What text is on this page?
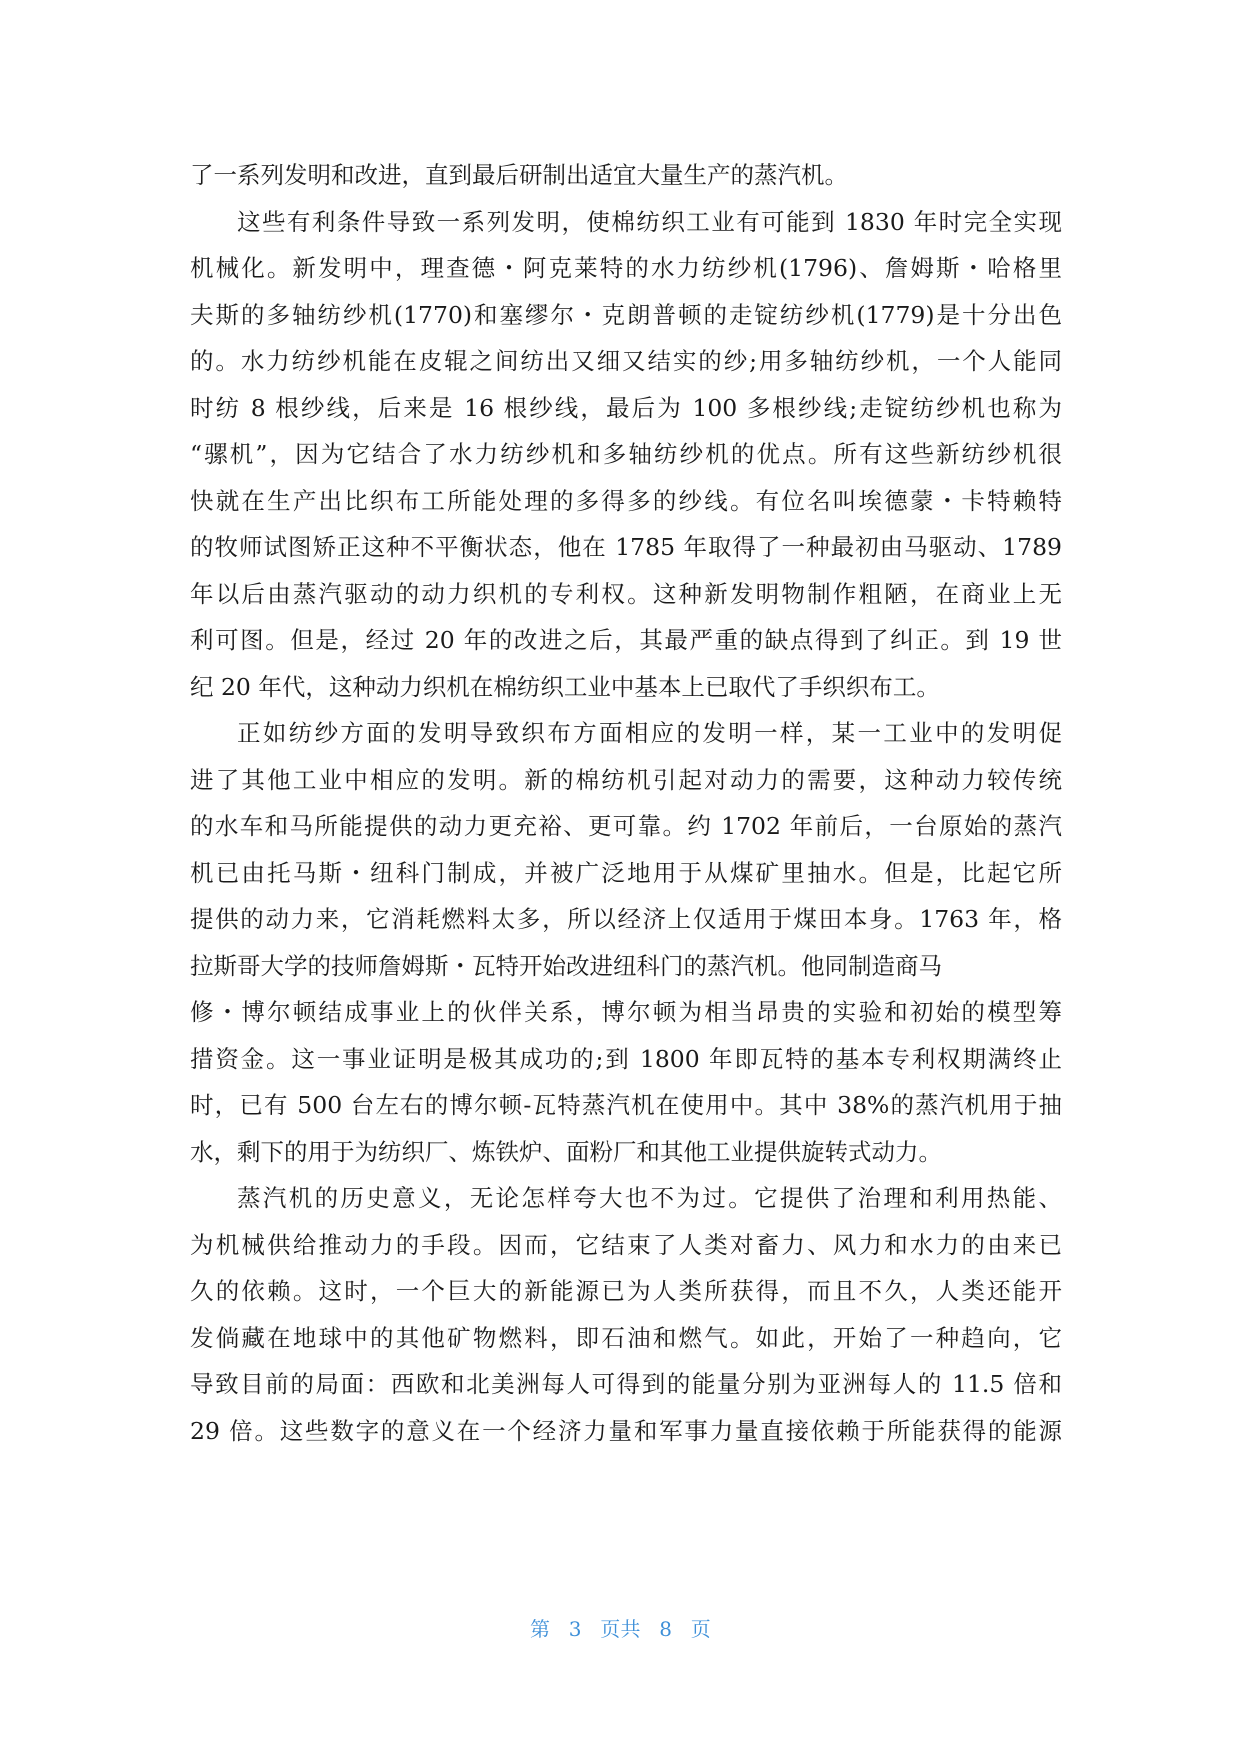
了一系列发明和改进，直到最后研制出适宜大量生产的蒸汽机。
这些有利条件导致一系列发明，使棉纺织工业有可能到 1830 年时完全实现
机械化。新发明中，理查德・阿克莱特的水力纺纱机(1796)、詹姆斯・哈格里
夫斯的多轴纺纱机(1770)和塞缪尔・克朗普顿的走锭纺纱机(1779)是十分出色
的。水力纺纱机能在皮辊之间纺出又细又结实的纱;用多轴纺纱机，一个人能同
时纺 8 根纱线，后来是 16 根纱线，最后为 100 多根纱线;走锭纺纱机也称为
“骡机”，因为它结合了水力纺纱机和多轴纺纱机的优点。所有这些新纺纱机很
快就在生产出比织布工所能处理的多得多的纱线。有位名叫埃德蒙・卡特赖特
的牧师试图矫正这种不平衡状态，他在 1785 年取得了一种最初由马驱动、1789
年以后由蒸汽驱动的动力织机的专利权。这种新发明物制作粗陋，在商业上无
利可图。但是，经过 20 年的改进之后，其最严重的缺点得到了纠正。到 19 世
纪 20 年代，这种动力织机在棉纺织工业中基本上已取代了手织织布工。
正如纺纱方面的发明导致织布方面相应的发明一样，某一工业中的发明促
进了其他工业中相应的发明。新的棉纺机引起对动力的需要，这种动力较传统
的水车和马所能提供的动力更充裕、更可靠。约 1702 年前后，一台原始的蒸汽
机已由托马斯・纽科门制成，并被广泛地用于从煤矿里抽水。但是，比起它所
提供的动力来，它消耗燃料太多，所以经济上仅适用于煤田本身。1763 年，格
拉斯哥大学的技师詹姆斯・瓦特开始改进纽科门的蒸汽机。他同制造商马
修・博尔顿结成事业上的伙伴关系，博尔顿为相当昂贵的实验和初始的模型筹
措资金。这一事业证明是极其成功的;到 1800 年即瓦特的基本专利权期满终止
时，已有 500 台左右的博尔顿-瓦特蒸汽机在使用中。其中 38%的蒸汽机用于抽
水，剩下的用于为纺织厂、炼铁炉、面粉厂和其他工业提供旋转式动力。
蒸汽机的历史意义，无论怎样夸大也不为过。它提供了治理和利用热能、
为机械供给推动力的手段。因而，它结束了人类对畜力、风力和水力的由来已
久的依赖。这时，一个巨大的新能源已为人类所获得，而且不久，人类还能开
发倘藏在地球中的其他矿物燃料，即石油和燃气。如此，开始了一种趋向，它
导致目前的局面：西欧和北美洲每人可得到的能量分别为亚洲每人的 11.5 倍和
29 倍。这些数字的意义在一个经济力量和军事力量直接依赖于所能获得的能源
第 3 页共 8 页
